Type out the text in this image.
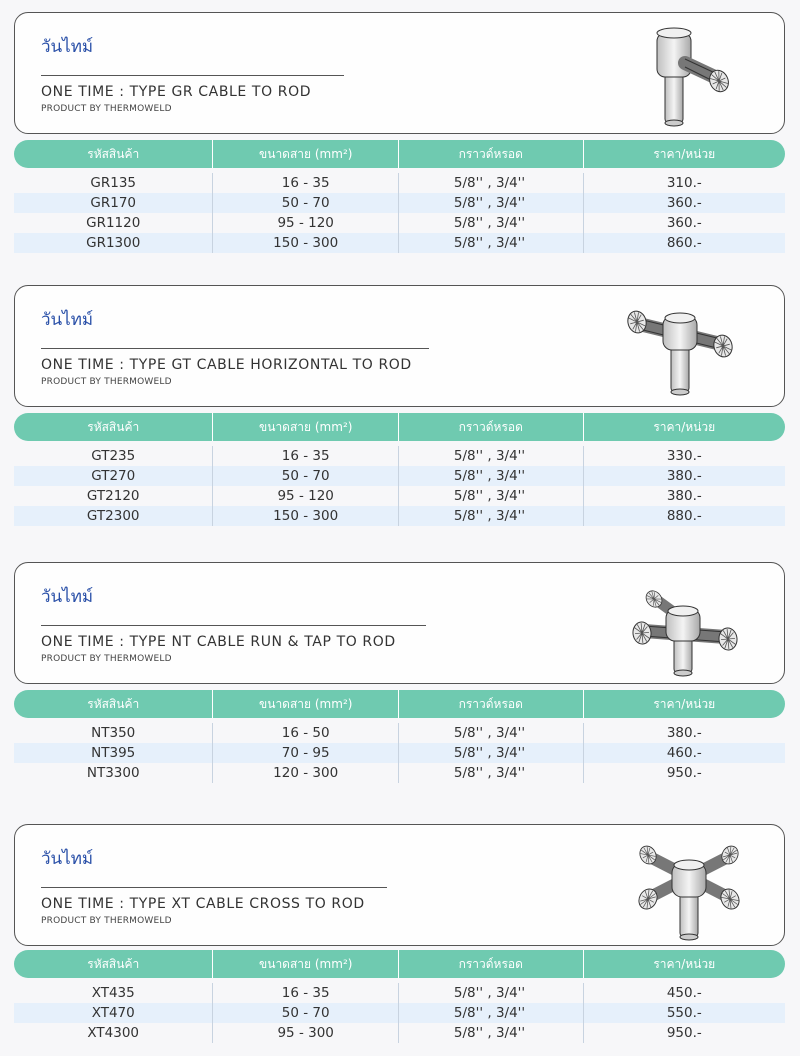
วันไทม์
ONE TIME : TYPE GR CABLE TO ROD
PRODUCT BY THERMOWELD
รหัสสินค้า	ขนาดสาย (mm²)	กราวด์หรอด	ราคา/หน่วย
GR135	16 - 35	5/8'' , 3/4''	310.-
GR170	50 - 70	5/8'' , 3/4''	360.-
GR1120	95 - 120	5/8'' , 3/4''	360.-
GR1300	150 - 300	5/8'' , 3/4''	860.-
วันไทม์
ONE TIME : TYPE GT CABLE HORIZONTAL TO ROD
PRODUCT BY THERMOWELD
รหัสสินค้า	ขนาดสาย (mm²)	กราวด์หรอด	ราคา/หน่วย
GT235	16 - 35	5/8'' , 3/4''	330.-
GT270	50 - 70	5/8'' , 3/4''	380.-
GT2120	95 - 120	5/8'' , 3/4''	380.-
GT2300	150 - 300	5/8'' , 3/4''	880.-
วันไทม์
ONE TIME : TYPE NT CABLE RUN & TAP TO ROD
PRODUCT BY THERMOWELD
รหัสสินค้า	ขนาดสาย (mm²)	กราวด์หรอด	ราคา/หน่วย
NT350	16 - 50	5/8'' , 3/4''	380.-
NT395	70 - 95	5/8'' , 3/4''	460.-
NT3300	120 - 300	5/8'' , 3/4''	950.-
วันไทม์
ONE TIME : TYPE XT CABLE CROSS TO ROD
PRODUCT BY THERMOWELD
รหัสสินค้า	ขนาดสาย (mm²)	กราวด์หรอด	ราคา/หน่วย
XT435	16 - 35	5/8'' , 3/4''	450.-
XT470	50 - 70	5/8'' , 3/4''	550.-
XT4300	95 - 300	5/8'' , 3/4''	950.-
